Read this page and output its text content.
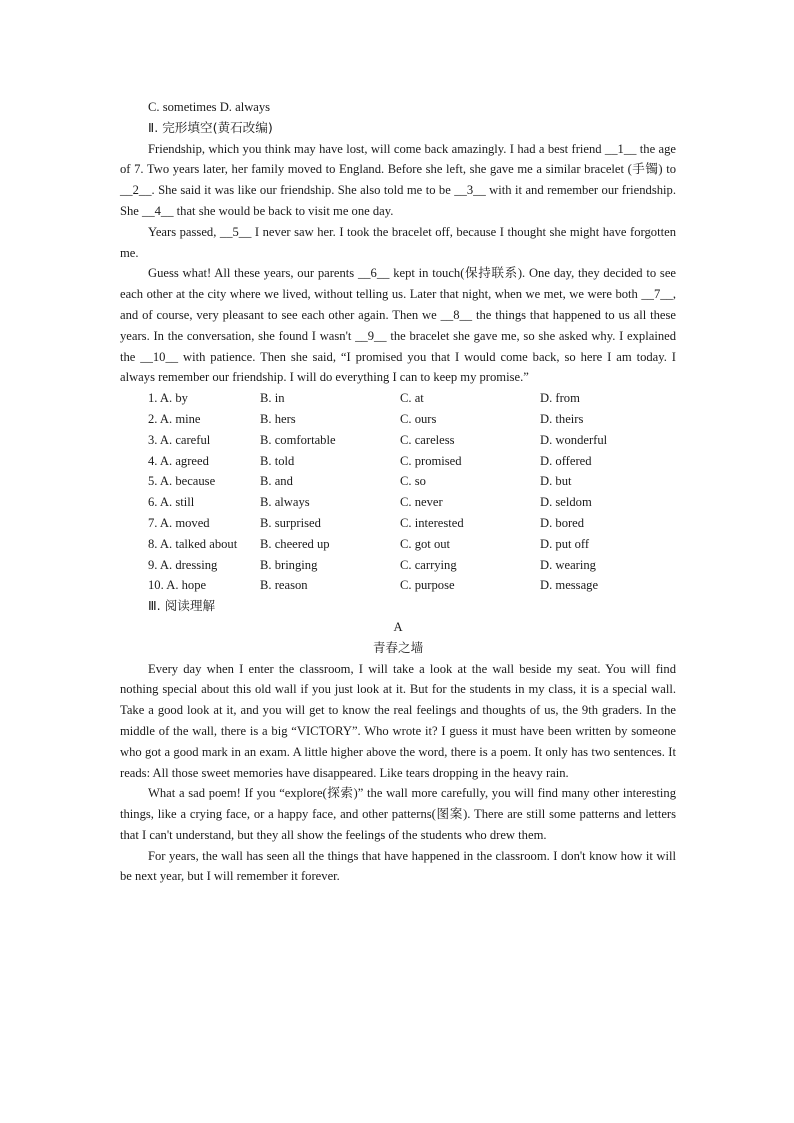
C. sometimes D. always
Ⅱ. 完形填空(黄石改编)
Friendship, which you think may have lost, will come back amazingly. I had a best friend __1__ the age of 7. Two years later, her family moved to England. Before she left, she gave me a similar bracelet (手镯) to __2__. She said it was like our friendship. She also told me to be __3__ with it and remember our friendship. She __4__ that she would be back to visit me one day.
Years passed, __5__ I never saw her. I took the bracelet off, because I thought she might have forgotten me.
Guess what! All these years, our parents __6__ kept in touch(保持联系). One day, they decided to see each other at the city where we lived, without telling us. Later that night, when we met, we were both __7__, and of course, very pleasant to see each other again. Then we __8__ the things that happened to us all these years. In the conversation, she found I wasn't __9__ the bracelet she gave me, so she asked why. I explained the __10__ with patience. Then she said, “I promised you that I would come back, so here I am today. I always remember our friendship. I will do everything I can to keep my promise.”
1. A. by	B. in	C. at	D. from
2. A. mine	B. hers	C. ours	D. theirs
3. A. careful	B. comfortable	C. careless	D. wonderful
4. A. agreed	B. told	C. promised	D. offered
5. A. because	B. and	C. so	D. but
6. A. still	B. always	C. never	D. seldom
7. A. moved	B. surprised	C. interested	D. bored
8. A. talked about	B. cheered up	C. got out	D. put off
9. A. dressing	B. bringing	C. carrying	D. wearing
10. A. hope	B. reason	C. purpose	D. message
Ⅲ. 阅读理解
A
青春之墙
Every day when I enter the classroom, I will take a look at the wall beside my seat. You will find nothing special about this old wall if you just look at it. But for the students in my class, it is a special wall. Take a good look at it, and you will get to know the real feelings and thoughts of us, the 9th graders. In the middle of the wall, there is a big “VICTORY”. Who wrote it? I guess it must have been written by someone who got a good mark in an exam. A little higher above the word, there is a poem. It only has two sentences. It reads: All those sweet memories have disappeared. Like tears dropping in the heavy rain.
What a sad poem! If you “explore(探索)” the wall more carefully, you will find many other interesting things, like a crying face, or a happy face, and other patterns(图案). There are still some patterns and letters that I can't understand, but they all show the feelings of the students who drew them.
For years, the wall has seen all the things that have happened in the classroom. I don't know how it will be next year, but I will remember it forever.
